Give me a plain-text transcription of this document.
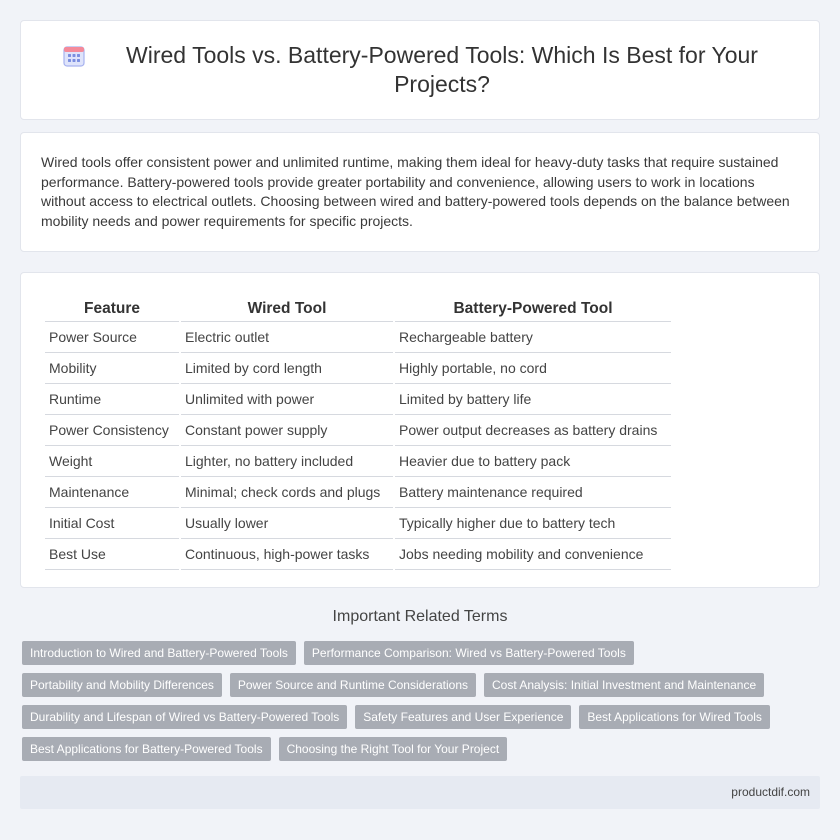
Wired Tools vs. Battery-Powered Tools: Which Is Best for Your Projects?

Wired tools offer consistent power and unlimited runtime, making them ideal for heavy-duty tasks that require sustained performance. Battery-powered tools provide greater portability and convenience, allowing users to work in locations without access to electrical outlets. Choosing between wired and battery-powered tools depends on the balance between mobility needs and power requirements for specific projects.

Feature	Wired Tool	Battery-Powered Tool
Power Source	Electric outlet	Rechargeable battery
Mobility	Limited by cord length	Highly portable, no cord
Runtime	Unlimited with power	Limited by battery life
Power Consistency	Constant power supply	Power output decreases as battery drains
Weight	Lighter, no battery included	Heavier due to battery pack
Maintenance	Minimal; check cords and plugs	Battery maintenance required
Initial Cost	Usually lower	Typically higher due to battery tech
Best Use	Continuous, high-power tasks	Jobs needing mobility and convenience
Important Related Terms
Introduction to Wired and Battery-Powered Tools	Performance Comparison: Wired vs Battery-Powered Tools
Portability and Mobility Differences	Power Source and Runtime Considerations	Cost Analysis: Initial Investment and Maintenance
Durability and Lifespan of Wired vs Battery-Powered Tools	Safety Features and User Experience	Best Applications for Wired Tools
Best Applications for Battery-Powered Tools	Choosing the Right Tool for Your Project
productdif.com
